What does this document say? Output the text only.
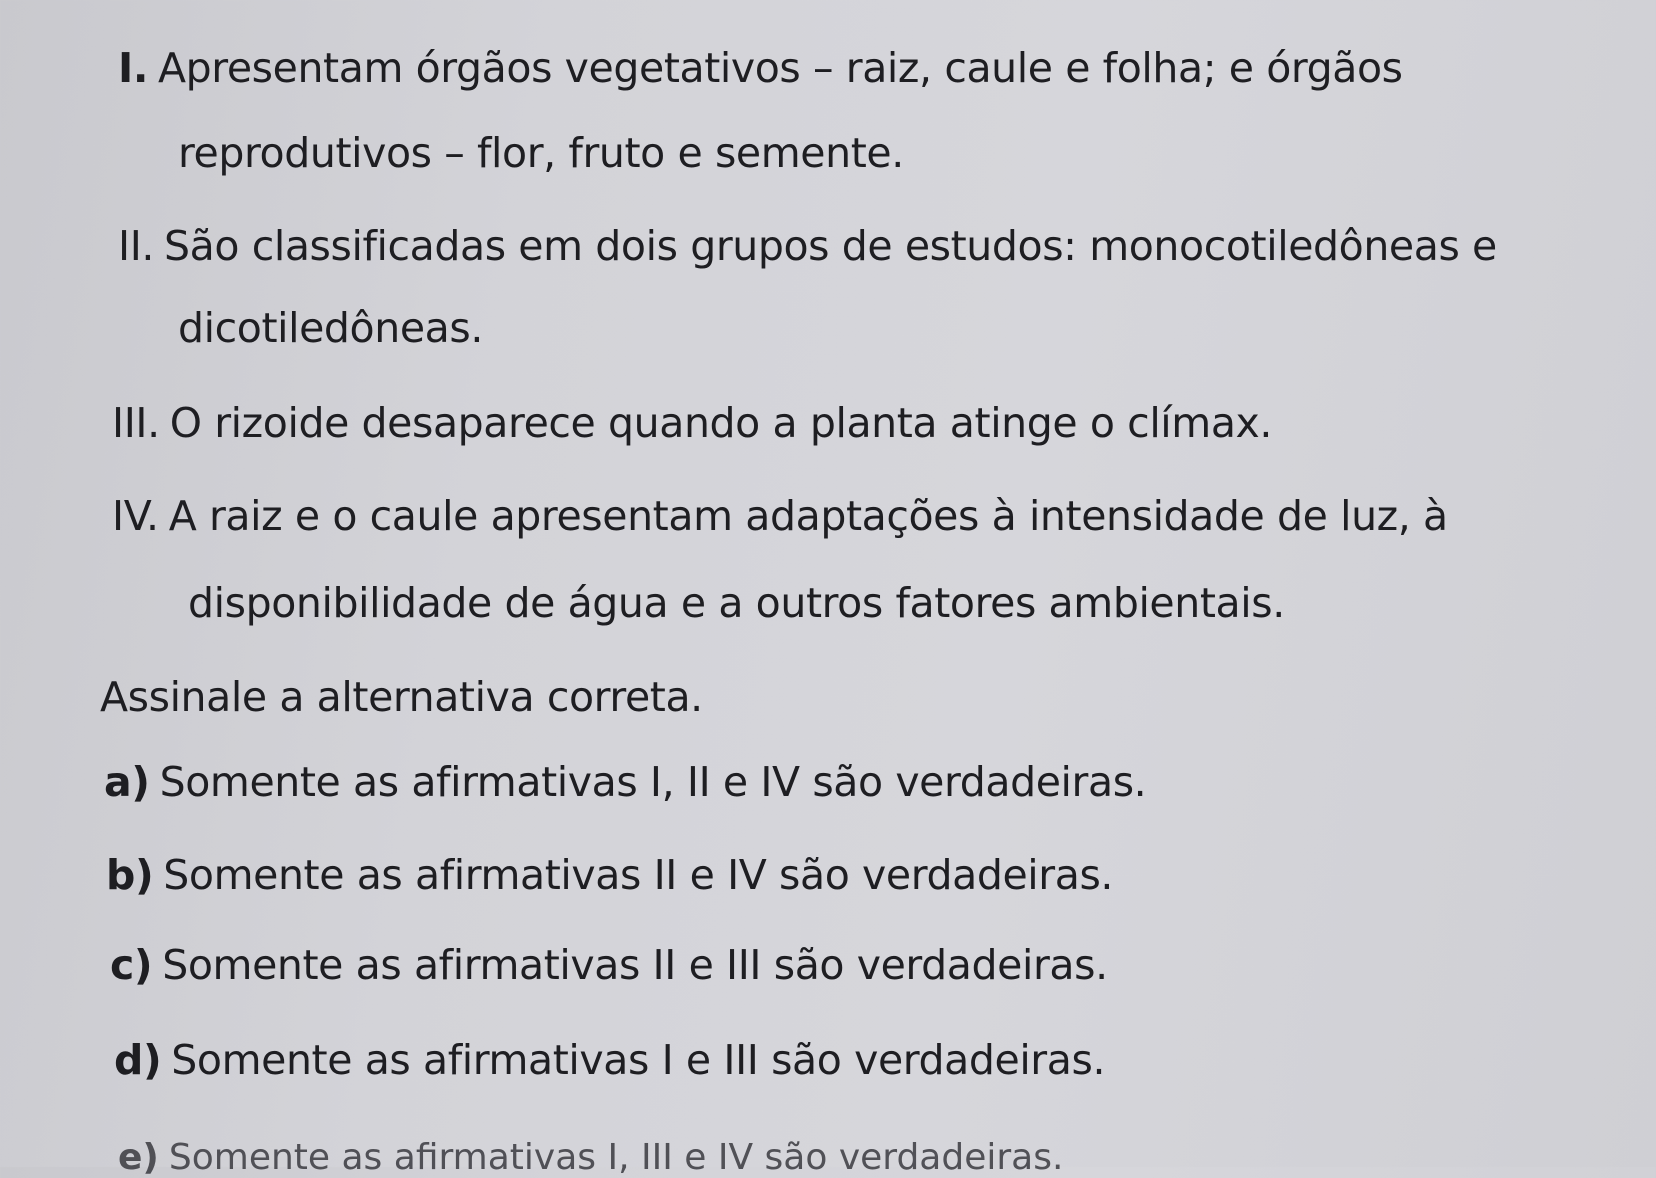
I. Apresentam órgãos vegetativos – raiz, caule e folha; e órgãos
reprodutivos – flor, fruto e semente.
II. São classificadas em dois grupos de estudos: monocotiledôneas e
dicotiledôneas.
III. O rizoide desaparece quando a planta atinge o clímax.
IV. A raiz e o caule apresentam adaptações à intensidade de luz, à
disponibilidade de água e a outros fatores ambientais.
Assinale a alternativa correta.
a) Somente as afirmativas I, II e IV são verdadeiras.
b) Somente as afirmativas II e IV são verdadeiras.
c) Somente as afirmativas II e III são verdadeiras.
d) Somente as afirmativas I e III são verdadeiras.
e) Somente as afirmativas I, III e IV são verdadeiras.
